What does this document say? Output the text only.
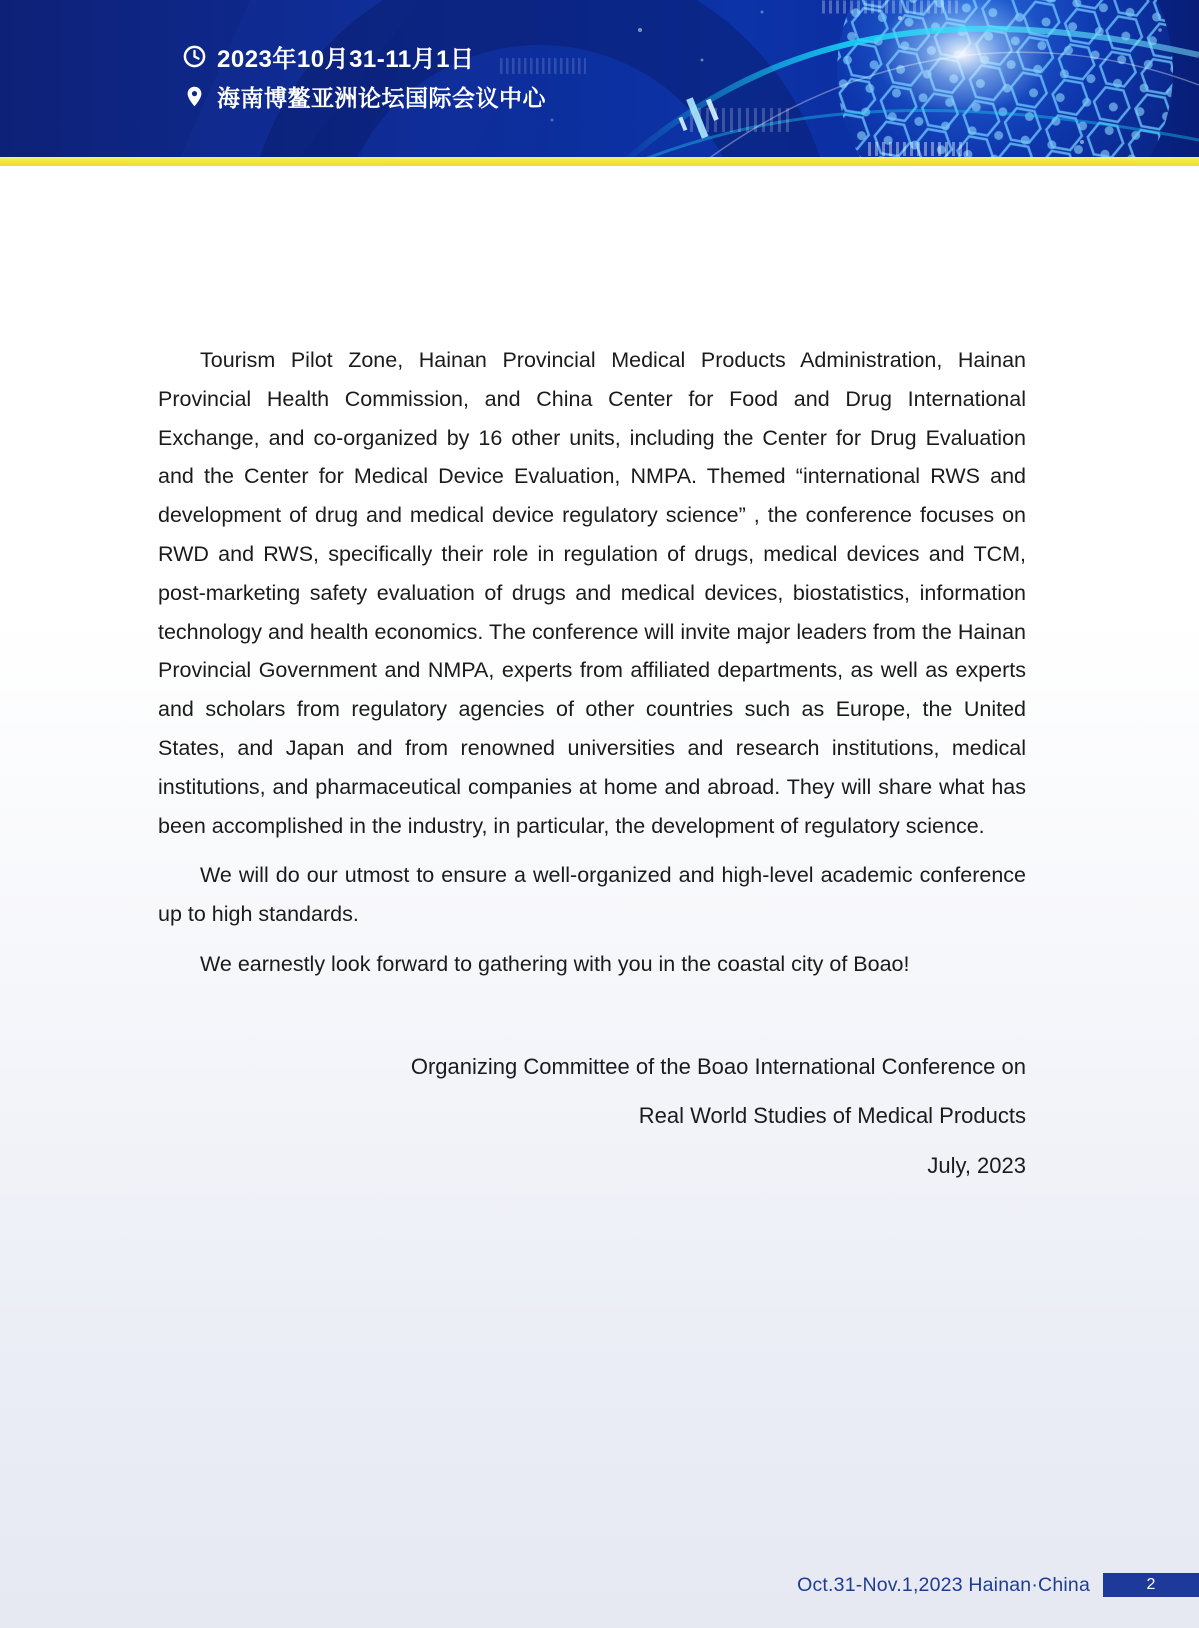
2023年10月31-11月1日
海南博鳌亚洲论坛国际会议中心

Tourism Pilot Zone, Hainan Provincial Medical Products Administration, Hainan Provincial Health Commission, and China Center for Food and Drug International Exchange, and co-organized by 16 other units, including the Center for Drug Evaluation and the Center for Medical Device Evaluation, NMPA. Themed “international RWS and development of drug and medical device regulatory science” , the conference focuses on RWD and RWS, specifically their role in regulation of drugs, medical devices and TCM, post-marketing safety evaluation of drugs and medical devices, biostatistics, information technology and health economics. The conference will invite major leaders from the Hainan Provincial Government and NMPA, experts from affiliated departments, as well as experts and scholars from regulatory agencies of other countries such as Europe, the United States, and Japan and from renowned universities and research institutions, medical institutions, and pharmaceutical companies at home and abroad. They will share what has been accomplished in the industry, in particular, the development of regulatory science.

We will do our utmost to ensure a well-organized and high-level academic conference up to high standards.

We earnestly look forward to gathering with you in the coastal city of Boao!

Organizing Committee of the Boao International Conference on
Real World Studies of Medical Products
July, 2023
Oct.31-Nov.1,2023 Hainan·China	2
